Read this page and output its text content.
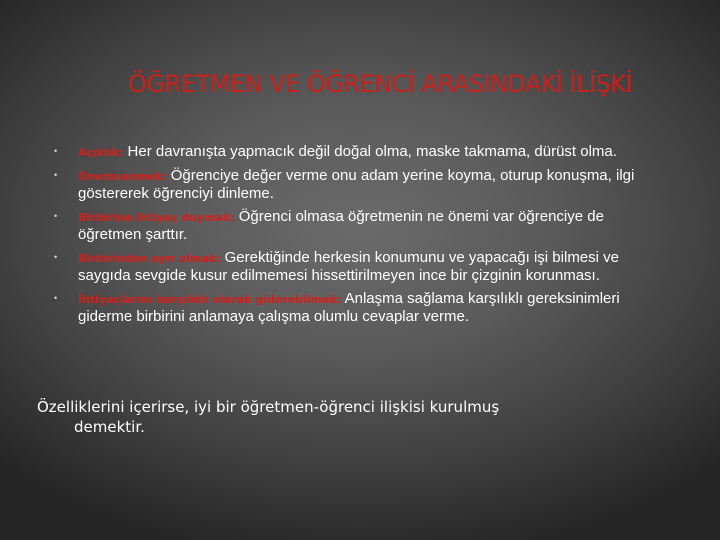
ÖĞRETMEN VE ÖĞRENCİ ARASINDAKİ İLİŞKİ
• Açıklık: Her davranışta yapmacık değil doğal olma, maske takmama, dürüst olma.
• Önemsenmek: Öğrenciye değer verme onu adam yerine koyma, oturup konuşma, ilgi göstererek öğrenciyi dinleme.
• Birbirine ihtiyaç duymak: Öğrenci olmasa öğretmenin ne önemi var öğrenciye de öğretmen şarttır.
• Birbirinden ayrı olmak: Gerektiğinde herkesin konumunu ve yapacağı işi bilmesi ve saygıda sevgide kusur edilmemesi hissettirilmeyen ince bir çizginin korunması.
• İhtiyaçlarını karşılıklı olarak giderebilmek: Anlaşma sağlama karşılıklı gereksinimleri giderme birbirini anlamaya çalışma olumlu cevaplar verme.

Özelliklerini içerirse, iyi bir öğretmen-öğrenci ilişkisi kurulmuş
demektir.
